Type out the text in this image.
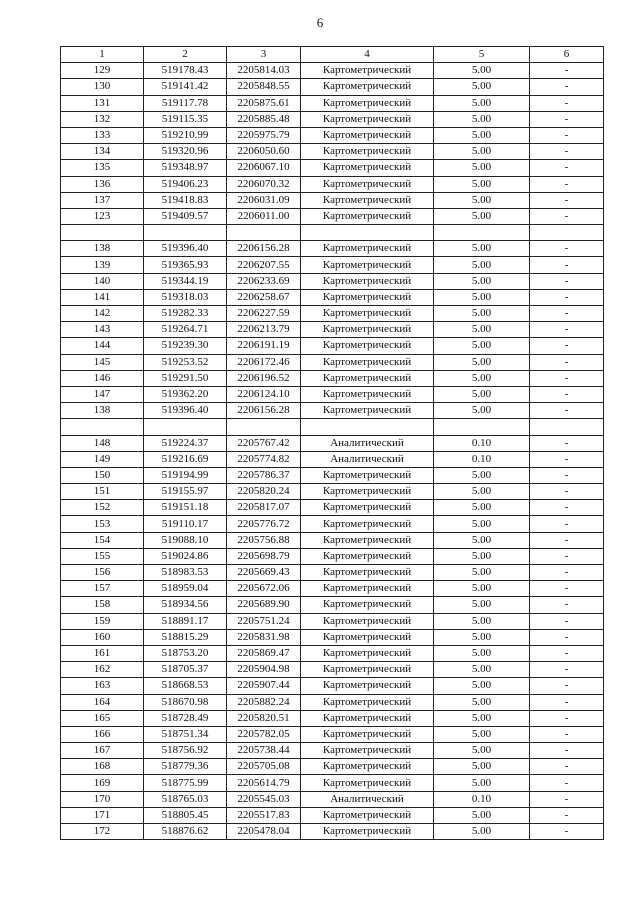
6
1	2	3	4	5	6
129	519178.43	2205814.03	Картометрический	5.00	-
130	519141.42	2205848.55	Картометрический	5.00	-
131	519117.78	2205875.61	Картометрический	5.00	-
132	519115.35	2205885.48	Картометрический	5.00	-
133	519210.99	2205975.79	Картометрический	5.00	-
134	519320.96	2206050.60	Картометрический	5.00	-
135	519348.97	2206067.10	Картометрический	5.00	-
136	519406.23	2206070.32	Картометрический	5.00	-
137	519418.83	2206031.09	Картометрический	5.00	-
123	519409.57	2206011.00	Картометрический	5.00	-

138	519396.40	2206156.28	Картометрический	5.00	-
139	519365.93	2206207.55	Картометрический	5.00	-
140	519344.19	2206233.69	Картометрический	5.00	-
141	519318.03	2206258.67	Картометрический	5.00	-
142	519282.33	2206227.59	Картометрический	5.00	-
143	519264.71	2206213.79	Картометрический	5.00	-
144	519239.30	2206191.19	Картометрический	5.00	-
145	519253.52	2206172.46	Картометрический	5.00	-
146	519291.50	2206196.52	Картометрический	5.00	-
147	519362.20	2206124.10	Картометрический	5.00	-
138	519396.40	2206156.28	Картометрический	5.00	-

148	519224.37	2205767.42	Аналитический	0.10	-
149	519216.69	2205774.82	Аналитический	0.10	-
150	519194.99	2205786.37	Картометрический	5.00	-
151	519155.97	2205820.24	Картометрический	5.00	-
152	519151.18	2205817.07	Картометрический	5.00	-
153	519110.17	2205776.72	Картометрический	5.00	-
154	519088.10	2205756.88	Картометрический	5.00	-
155	519024.86	2205698.79	Картометрический	5.00	-
156	518983.53	2205669.43	Картометрический	5.00	-
157	518959.04	2205672.06	Картометрический	5.00	-
158	518934.56	2205689.90	Картометрический	5.00	-
159	518891.17	2205751.24	Картометрический	5.00	-
160	518815.29	2205831.98	Картометрический	5.00	-
161	518753.20	2205869.47	Картометрический	5.00	-
162	518705.37	2205904.98	Картометрический	5.00	-
163	518668.53	2205907.44	Картометрический	5.00	-
164	518670.98	2205882.24	Картометрический	5.00	-
165	518728.49	2205820.51	Картометрический	5.00	-
166	518751.34	2205782.05	Картометрический	5.00	-
167	518756.92	2205738.44	Картометрический	5.00	-
168	518779.36	2205705.08	Картометрический	5.00	-
169	518775.99	2205614.79	Картометрический	5.00	-
170	518765.03	2205545.03	Аналитический	0.10	-
171	518805.45	2205517.83	Картометрический	5.00	-
172	518876.62	2205478.04	Картометрический	5.00	-
